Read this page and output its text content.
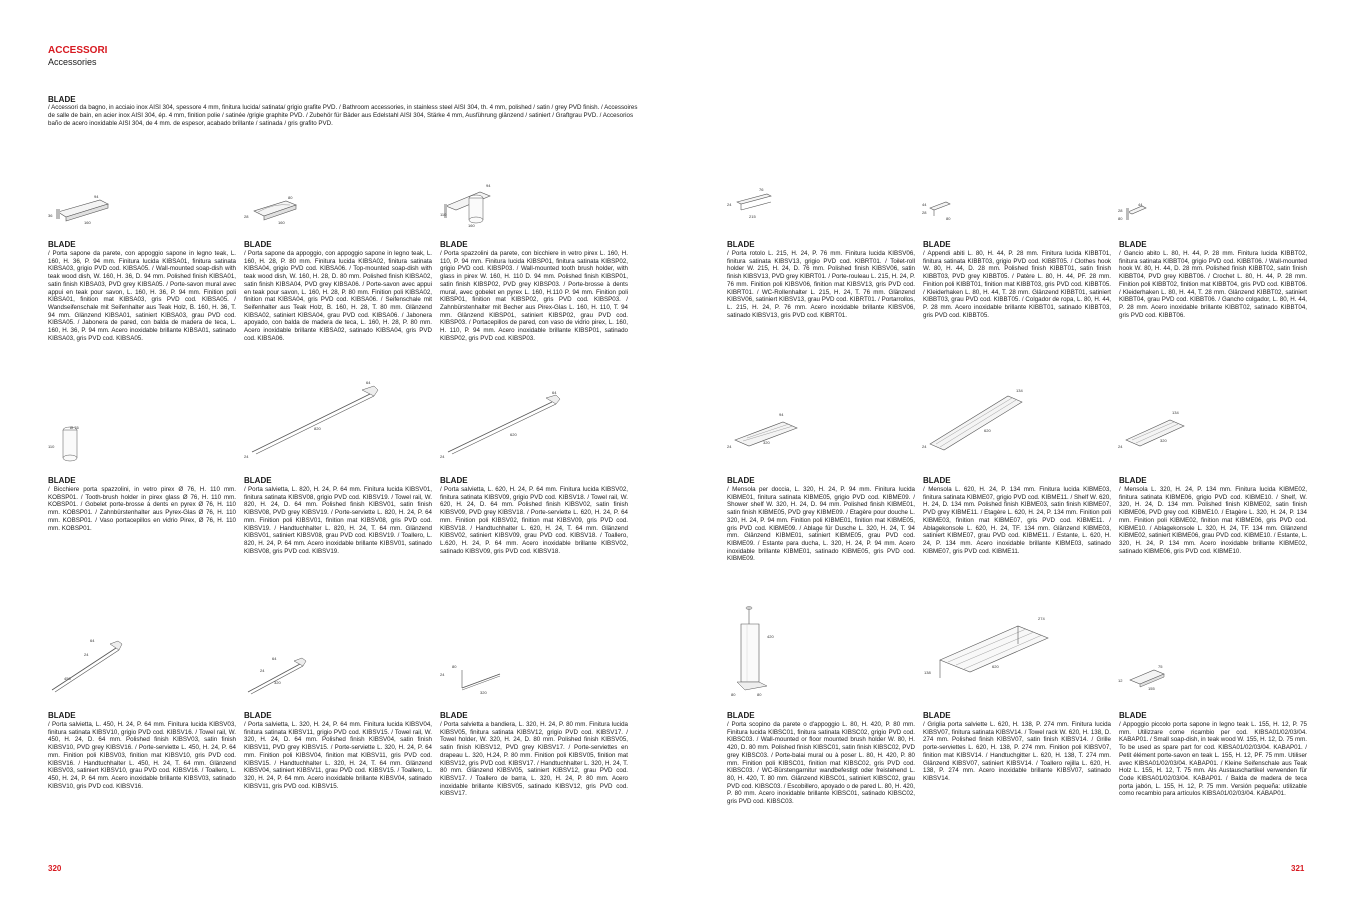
ACCESSORI
Accessories
BLADE
/ Accessori da bagno, in acciaio inox AISI 304, spessore 4 mm, finitura lucida/ satinata/ grigio grafite PVD. / Bathroom accessories, in stainless steel AISI 304, th. 4 mm, polished / satin / grey PVD finish. / Accessoires de salle de bain, en acier inox AISI 304, ép. 4 mm, finition polie / satinée /grigie graphite PVD. / Zubehör für Bäder aus Edelstahl AISI 304, Stärke 4 mm, Ausführung glänzend / satiniert / Graftgrau PVD. / Accesorios baño de acero inoxidable AISI 304, de 4 mm. de espesor, acabado brillante / satinada / gris grafito PVD.
94
36
160
80
28
160
94
110
160
76
24
215
44
28
80
44
28
80
BLADE

/ Porta sapone da parete, con appoggio sapone in legno teak, L. 160, H. 36, P. 94 mm. Finitura lucida KIBSA01, finitura satinata KIBSA03, grigio PVD cod. KIBSA05. / Wall-mounted soap-dish with teak wood dish, W. 160, H. 36, D. 94 mm. Polished finish KIBSA01, satin finish KIBSA03, PVD grey KIBSA05. / Porte-savon mural avec appui en teak pour savon, L. 160, H. 36, P. 94 mm. Finition poli KIBSA01, finition mat KIBSA03, gris PVD cod. KIBSA05. / Wandseifenschale mit Seifenhalter aus Teak Holz, B. 160, H. 36, T. 94 mm. Glänzend KIBSA01, satiniert KIBSA03, grau PVD cod. KIBSA05. / Jabonera de pared, con balda de madera de teca, L. 160, H. 36, P. 94 mm. Acero inoxidable brillante KIBSA01, satinado KIBSA03, gris PVD cod. KIBSA05.

BLADE

/ Porta sapone da appoggio, con appoggio sapone in legno teak, L. 160, H. 28, P. 80 mm. Finitura lucida KIBSA02, finitura satinata KIBSA04, grigio PVD cod. KIBSA06. / Top-mounted soap-dish with teak wood dish, W. 160, H. 28, D. 80 mm. Polished finish KIBSA02, satin finish KIBSA04, PVD grey KIBSA06. / Porte-savon avec appui en teak pour savon, L. 160, H. 28, P. 80 mm. Finition poli KIBSA02, finition mat KIBSA04, gris PVD cod. KIBSA06. / Seifenschale mit Seifenhalter aus Teak Holz, B. 160, H. 28, T. 80 mm. Glänzend KIBSA02, satiniert KIBSA04, grau PVD cod. KIBSA06. / Jabonera apoyado, con balda de madera de teca, L. 160, H. 28, P. 80 mm. Acero inoxidable brillante KIBSA02, satinado KIBSA04, gris PVD cod. KIBSA06.

BLADE

/ Porta spazzolini da parete, con bicchiere in vetro pirex L. 160, H. 110, P. 94 mm. Finitura lucida KIBSP01, finitura satinata KIBSP02, grigio PVD cod. KIBSP03. / Wall-mounted tooth brush holder, with glass in pirex W. 160, H. 110 D. 94 mm. Polished finish KIBSP01, satin finish KIBSP02, PVD grey KIBSP03. / Porte-brosse à dents mural, avec gobelet en pyrex L. 160, H.110 P. 94 mm. Finition poli KIBSP01, finition mat KIBSP02, gris PVD cod. KIBSP03. / Zahnbürstenhalter mit Becher aus Pirex-Glas L. 160, H. 110, T. 94 mm. Glänzend KIBSP01, satiniert KIBSP02, grau PVD cod. KIBSP03. / Portacepillos de pared, con vaso de vidrio pirex, L. 160, H. 110, P. 94 mm. Acero inoxidable brillante KIBSP01, satinado KIBSP02, gris PVD cod. KIBSP03.

BLADE

/ Porta rotolo L. 215, H. 24, P. 76 mm. Finitura lucida KIBSV06, finitura satinata KIBSV13, grigio PVD cod. KIBRT01. / Toilet-roll holder W. 215, H. 24, D. 76 mm. Polished finish KIBSV06, satin finish KIBSV13, PVD grey KIBRT01. / Porte-rouleau L. 215, H. 24, P. 76 mm. Finition poli KIBSV06, finition mat KIBSV13, gris PVD cod. KIBRT01. / WC-Rollenhalter L. 215, H. 24, T. 76 mm. Glänzend KIBSV06, satiniert KIBSV13, grau PVD cod. KIBRT01. / Portarrollos, L. 215, H. 24, P. 76 mm. Acero inoxidable brillante KIBSV06, satinado KIBSV13, gris PVD cod. KIBRT01.

BLADE

/ Appendi abiti L. 80, H. 44, P. 28 mm. Finitura lucida KIBBT01, finitura satinata KIBBT03, grigio PVD cod. KIBBT05. / Clothes hook W. 80, H. 44, D. 28 mm. Polished finish KIBBT01, satin finish KIBBT03, PVD grey KIBBT05. / Patère L. 80, H. 44, PF. 28 mm. Finition poli KIBBT01, finition mat KIBBT03, gris PVD cod. KIBBT05. / Kleiderhaken L. 80, H. 44, T. 28 mm. Glänzend KIBBT01, satiniert KIBBT03, grau PVD cod. KIBBT05. / Colgador de ropa, L. 80, H. 44, P. 28 mm. Acero inoxidable brillante KIBBT01, satinado KIBBT03, gris PVD cod. KIBBT05.

BLADE

/ Gancio abito L. 80, H. 44, P. 28 mm. Finitura lucida KIBBT02, finitura satinata KIBBT04, grigio PVD cod. KIBBT06. / Wall-mounted hook W. 80, H. 44, D. 28 mm. Polished finish KIBBT02, satin finish KIBBT04, PVD grey KIBBT06. / Crochet L. 80, H. 44, P. 28 mm. Finition poli KIBBT02, finition mat KIBBT04, gris PVD cod. KIBBT06. / Kleiderhaken L. 80, H. 44, T. 28 mm. Glänzend KIBBT02, satiniert KIBBT04, grau PVD cod. KIBBT06. / Gancho colgador, L. 80, H. 44, P. 28 mm. Acero inoxidable brillante KIBBT02, satinado KIBBT04, gris PVD cod. KIBBT06.

Ø 76
110
64
820
24
64
620
24
94
320
24
134
620
24
134
320
24
BLADE

/ Bicchiere porta spazzolini, in vetro pirex Ø 76, H. 110 mm. KOBSP01. / Tooth-brush holder in pirex glass Ø 76, H. 110 mm. KOBSP01. / Gobelet porte-brosse à dents en pyrex Ø 76, H. 110 mm. KOBSP01. / Zahnbürstenhalter aus Pyrex-Glas Ø 76, H. 110 mm. KOBSP01. / Vaso portacepillos en vidrio Pirex, Ø 76, H. 110 mm. KOBSP01.

BLADE

/ Porta salvietta, L. 820, H. 24, P. 64 mm. Finitura lucida KIBSV01, finitura satinata KIBSV08, grigio PVD cod. KIBSV19. / Towel rail, W. 820, H. 24, D. 64 mm. Polished finish KIBSV01, satin finish KIBSV08, PVD grey KIBSV19. / Porte-serviette L. 820, H. 24, P. 64 mm. Finition poli KIBSV01, finition mat KIBSV08, gris PVD cod. KIBSV19. / Handtuchhalter L. 820, H. 24, T. 64 mm. Glänzend KIBSV01, satiniert KIBSV08, grau PVD cod. KIBSV19. / Toallero, L. 820, H. 24, P. 64 mm. Acero inoxidable brillante KIBSV01, satinado KIBSV08, gris PVD cod. KIBSV19.

BLADE

/ Porta salvietta, L. 620, H. 24, P. 64 mm. Finitura lucida KIBSV02, finitura satinata KIBSV09, grigio PVD cod. KIBSV18. / Towel rail, W. 620, H. 24, D. 64 mm. Polished finish KIBSV02, satin finish KIBSV09, PVD grey KIBSV18. / Porte-serviette L. 620, H. 24, P. 64 mm. Finition poli KIBSV02, finition mat KIBSV09, gris PVD cod. KIBSV18. / Handtuchhalter L. 620, H. 24, T. 64 mm. Glänzend KIBSV02, satiniert KIBSV09, grau PVD cod. KIBSV18. / Toallero, L.620, H. 24, P. 64 mm. Acero inoxidable brillante KIBSV02, satinado KIBSV09, gris PVD cod. KIBSV18.

BLADE

/ Mensola per doccia, L. 320, H. 24, P. 94 mm. Finitura lucida KIBME01, finitura satinata KIBME05, grigio PVD cod. KIBME09. / Shower shelf W. 320, H. 24, D. 94 mm. Polished finish KIBME01, satin finish KIBME05, PVD grey KIBME09. / Etagère pour douche L. 320, H. 24, P. 94 mm. Finition poli KIBME01, finition mat KIBME05, gris PVD cod. KIBME09. / Ablage für Dusche L. 320, H. 24, T. 94 mm. Glänzend KIBME01, satiniert KIBME05, grau PVD cod. KIBME09. / Estante para ducha, L. 320, H. 24, P. 94 mm. Acero inoxidable brillante KIBME01, satinado KIBME05, gris PVD cod. KIBME09.

BLADE

/ Mensola L. 620, H. 24, P. 134 mm. Finitura lucida KIBME03, finitura satinata KIBME07, grigio PVD cod. KIBME11. / Shelf W. 620, H. 24, D. 134 mm. Polished finish KIBME03, satin finish KIBME07, PVD grey KIBME11. / Etagère L. 620, H. 24, P. 134 mm. Finition poli KIBME03, finition mat KIBME07, gris PVD cod. KIBME11. / Ablagekonsole L. 620, H. 24, TF. 134 mm. Glänzend KIBME03, satiniert KIBME07, grau PVD cod. KIBME11. / Estante, L. 620, H. 24, P. 134 mm. Acero inoxidable brillante KIBME03, satinado KIBME07, gris PVD cod. KIBME11.

BLADE

/ Mensola L. 320, H. 24, P. 134 mm. Finitura lucida KIBME02, finitura satinata KIBME06, grigio PVD cod. KIBME10. / Shelf, W. 320, H. 24, D. 134 mm. Polished finish KIBME02, satin finish KIBME06, PVD grey cod. KIBME10. / Etagère L. 320, H. 24, P. 134 mm. Finition poli KIBME02, finition mat KIBME06, gris PVD cod. KIBME10. / Ablagekonsole L. 320, H. 24, TF. 134 mm. Glänzend KIBME02, satiniert KIBME06, grau PVD cod. KIBME10. / Estante, L. 320, H. 24, P. 134 mm. Acero inoxidable brillante KIBME02, satinado KIBME06, gris PVD cod. KIBME10.

64
24
450
64
24
320
80
24
320
420
80	80
274
138
620
12
75
155
BLADE

/ Porta salvietta, L. 450, H. 24, P. 64 mm. Finitura lucida KIBSV03, finitura satinata KIBSV10, grigio PVD cod. KIBSV16. / Towel rail, W. 450, H. 24, D. 64 mm. Polished finish KIBSV03, satin finish KIBSV10, PVD grey KIBSV16. / Porte-serviette L. 450, H. 24, P. 64 mm. Finition poli KIBSV03, finition mat KIBSV10, gris PVD cod. KIBSV16. / Handtuchhalter L. 450, H. 24, T. 64 mm. Glänzend KIBSV03, satiniert KIBSV10, grau PVD cod. KIBSV16. / Toallero, L. 450, H. 24, P. 64 mm. Acero inoxidable brillante KIBSV03, satinado KIBSV10, gris PVD cod. KIBSV16.

BLADE

/ Porta salvietta, L. 320, H. 24, P. 64 mm. Finitura lucida KIBSV04, finitura satinata KIBSV11, grigio PVD cod. KIBSV15. / Towel rail, W. 320, H. 24, D. 64 mm. Polished finish KIBSV04, satin finish KIBSV11, PVD grey KIBSV15. / Porte-serviette L. 320, H. 24, P. 64 mm. Finition poli KIBSV04, finition mat KIBSV11, gris PVD cod. KIBSV15. / Handtuchhalter L. 320, H. 24, T. 64 mm. Glänzend KIBSV04, satiniert KIBSV11, grau PVD cod. KIBSV15. / Toallero, L. 320, H. 24, P. 64 mm. Acero inoxidable brillante KIBSV04, satinado KIBSV11, gris PVD cod. KIBSV15.

BLADE

/ Porta salvietta a bandiera, L. 320, H. 24, P. 80 mm. Finitura lucida KIBSV05, finitura satinata KIBSV12, grigio PVD cod. KIBSV17. / Towel holder, W. 320, H. 24, D. 80 mm. Polished finish KIBSV05, satin finish KIBSV12, PVD grey KIBSV17. / Porte-serviettes en drapeau L. 320, H.24, P. 80 mm. Finition poli KIBSV05, finition mat KIBSV12, gris PVD cod. KIBSV17. / Handtuchhalter L. 320, H. 24, T. 80 mm. Glänzend KIBSV05, satiniert KIBSV12, grau PVD cod. KIBSV17. / Toallero de barra, L. 320, H. 24, P. 80 mm. Acero inoxidable brillante KIBSV05, satinado KIBSV12, gris PVD cod. KIBSV17.

BLADE

/ Porta scopino da parete o d'appoggio L. 80, H. 420, P. 80 mm. Finitura lucida KIBSC01, finitura satinata KIBSC02, grigio PVD cod. KIBSC03. / Wall-mounted or floor mounted brush holder W. 80, H. 420, D. 80 mm. Polished finish KIBSC01, satin finish KIBSC02, PVD grey KIBSC03. / Porte-balai mural ou à poser L. 80, H. 420, P. 80 mm. Finition poli KIBSC01, finition mat KIBSC02, gris PVD cod. KIBSC03. / WC-Bürstengarnitur wandbefestigt oder freistehend L. 80, H. 420, T. 80 mm. Glänzend KIBSC01, satiniert KIBSC02, grau PVD cod. KIBSC03. / Escobillero, apoyado o de pared L. 80, H. 420, P. 80 mm. Acero inoxidable brillante KIBSC01, satinado KIBSC02, gris PVD cod. KIBSC03.

BLADE

/ Griglia porta salviette L. 620, H. 138, P. 274 mm. Finitura lucida KIBSV07, finitura satinata KIBSV14. / Towel rack W. 620, H. 138, D. 274 mm. Polished finish KIBSV07, satin finish KIBSV14. / Grille porte-serviettes L. 620, H. 138, P. 274 mm. Finition poli KIBSV07, finition mat KIBSV14. / Handtuchgitter L. 620, H. 138, T. 274 mm. Glänzend KIBSV07, satiniert KIBSV14. / Toallero rejilla L. 620, H. 138, P. 274 mm. Acero inoxidable brillante KIBSV07, satinado KIBSV14.

BLADE

/ Appoggio piccolo porta sapone in legno teak L. 155, H. 12, P. 75 mm. Utilizzare come ricambio per cod. KIBSA01/02/03/04. KABAP01. / Small soap-dish, in teak wood W. 155, H. 12, D. 75 mm. To be used as spare part for cod. KIBSA01/02/03/04. KABAP01. / Petit élément porte-savon en teak L. 155, H. 12, PF. 75 mm. Utiliser avec KIBSA01/02/03/04. KABAP01. / Kleine Seifenschale aus Teak Holz L. 155, H. 12, T. 75 mm. Als Austauschartikel verwenden für Code KIBSA01/02/03/04. KABAP01. / Balda de madera de teca porta jabón, L. 155, H. 12, P. 75 mm. Versión pequeña: utilizable como recambio para artículos KIBSA01/02/03/04. KABAP01.

320	321
